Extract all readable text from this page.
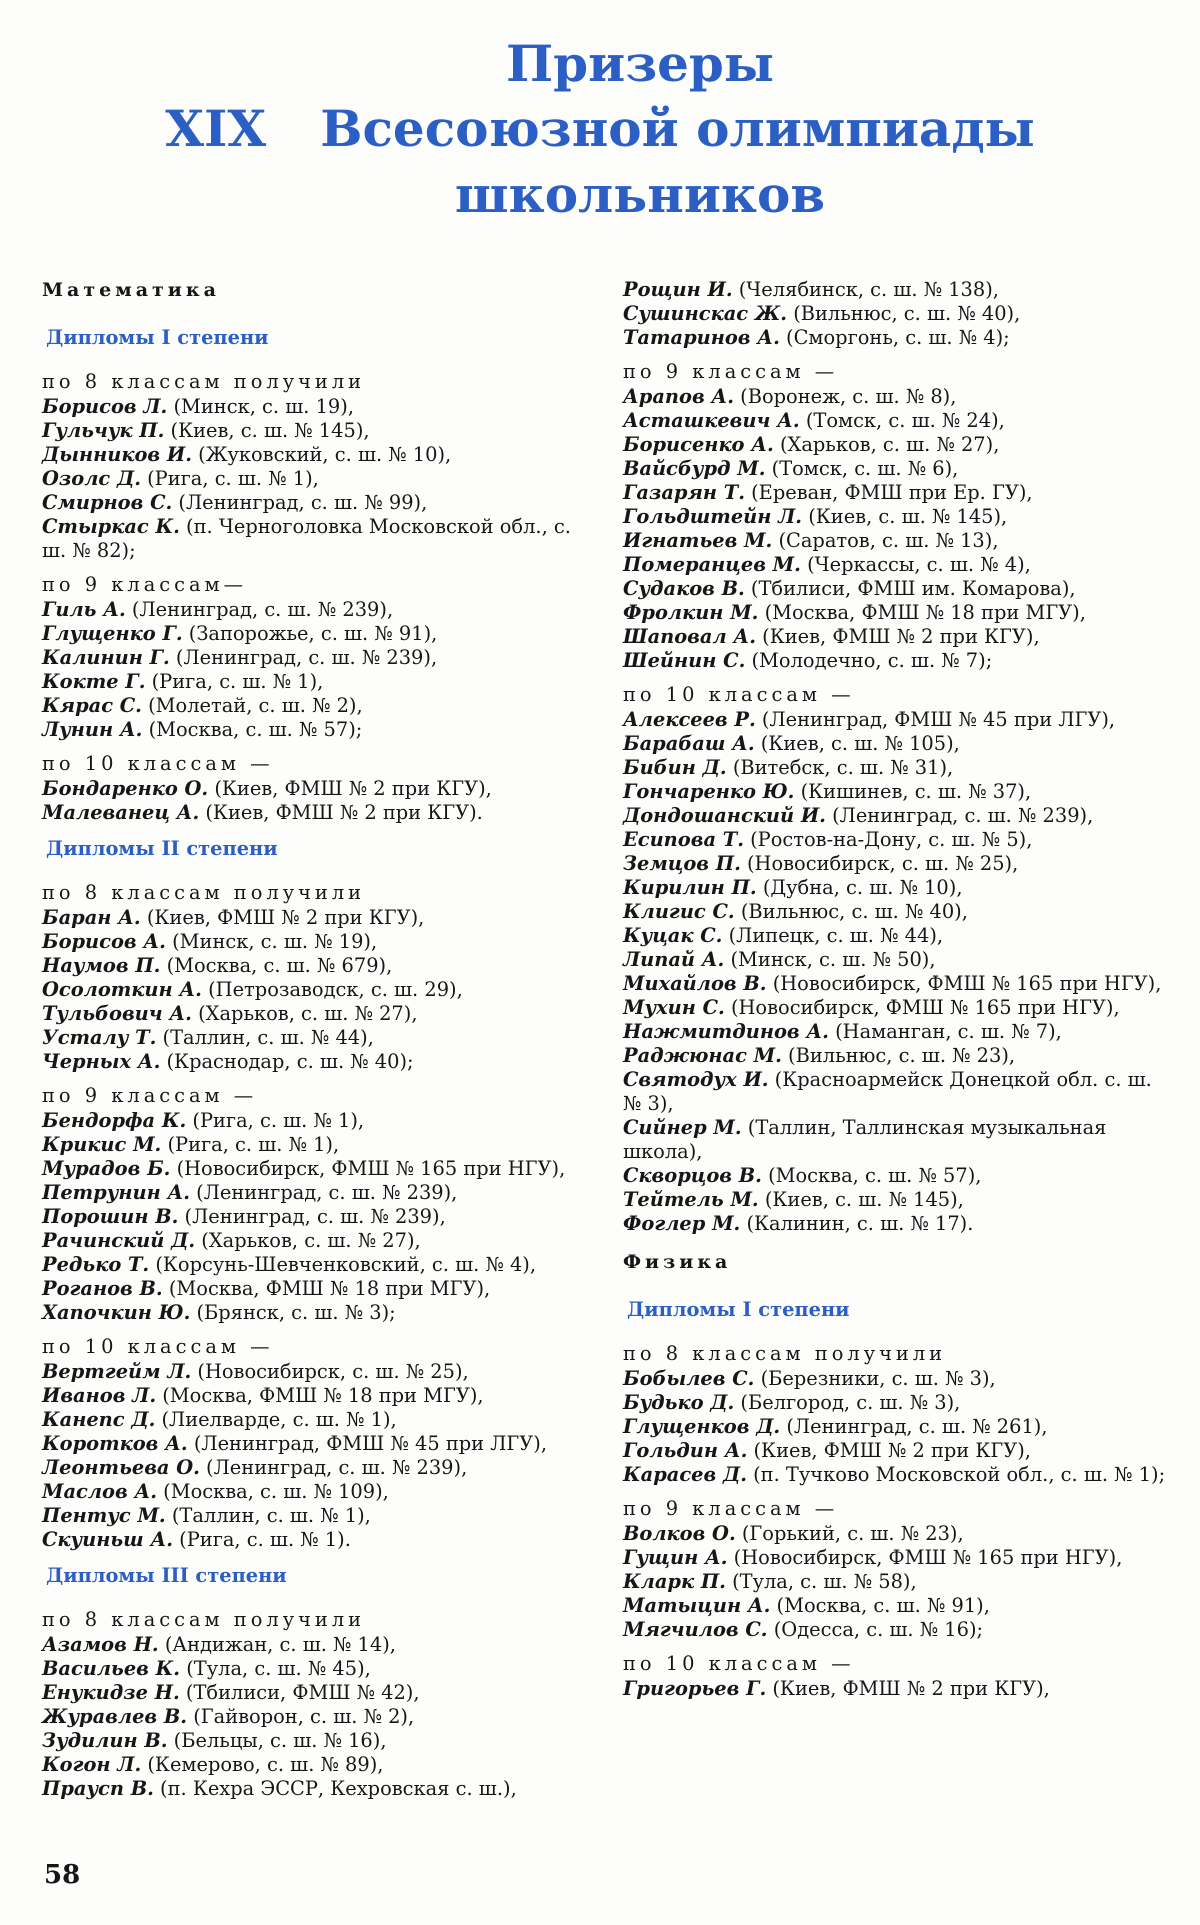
Призеры
XIX Всесоюзной олимпиады
школьников
Математика
Дипломы I степени
по 8 классам получили
Борисов Л. (Минск, с. ш. 19),
Гульчук П. (Киев, с. ш. № 145),
Дынников И. (Жуковский, с. ш. № 10),
Озолс Д. (Рига, с. ш. № 1),
Смирнов С. (Ленинград, с. ш. № 99),
Стыркас К. (п. Черноголовка Московской обл., с. ш. № 82);
по 9 классам—
Гиль А. (Ленинград, с. ш. № 239),
Глущенко Г. (Запорожье, с. ш. № 91),
Калинин Г. (Ленинград, с. ш. № 239),
Кокте Г. (Рига, с. ш. № 1),
Кярас С. (Молетай, с. ш. № 2),
Лунин А. (Москва, с. ш. № 57);
по 10 классам —
Бондаренко О. (Киев, ФМШ № 2 при КГУ),
Малеванец А. (Киев, ФМШ № 2 при КГУ).
Дипломы II степени
по 8 классам получили
Баран А. (Киев, ФМШ № 2 при КГУ),
Борисов А. (Минск, с. ш. № 19),
Наумов П. (Москва, с. ш. № 679),
Осолоткин А. (Петрозаводск, с. ш. 29),
Тульбович А. (Харьков, с. ш. № 27),
Усталу Т. (Таллин, с. ш. № 44),
Черных А. (Краснодар, с. ш. № 40);
по 9 классам —
Бендорфа К. (Рига, с. ш. № 1),
Крикис М. (Рига, с. ш. № 1),
Мурадов Б. (Новосибирск, ФМШ № 165 при НГУ),
Петрунин А. (Ленинград, с. ш. № 239),
Порошин В. (Ленинград, с. ш. № 239),
Рачинский Д. (Харьков, с. ш. № 27),
Редько Т. (Корсунь-Шевченковский, с. ш. № 4),
Роганов В. (Москва, ФМШ № 18 при МГУ),
Хапочкин Ю. (Брянск, с. ш. № 3);
по 10 классам —
Вертгейм Л. (Новосибирск, с. ш. № 25),
Иванов Л. (Москва, ФМШ № 18 при МГУ),
Канепс Д. (Лиелварде, с. ш. № 1),
Коротков А. (Ленинград, ФМШ № 45 при ЛГУ),
Леонтьева О. (Ленинград, с. ш. № 239),
Маслов А. (Москва, с. ш. № 109),
Пентус М. (Таллин, с. ш. № 1),
Скуиньш А. (Рига, с. ш. № 1).
Дипломы III степени
по 8 классам получили
Азамов Н. (Андижан, с. ш. № 14),
Васильев К. (Тула, с. ш. № 45),
Енукидзе Н. (Тбилиси, ФМШ № 42),
Журавлев В. (Гайворон, с. ш. № 2),
Зудилин В. (Бельцы, с. ш. № 16),
Когон Л. (Кемерово, с. ш. № 89),
Праусп В. (п. Кехра ЭССР, Кехровская с. ш.),
Рощин И. (Челябинск, с. ш. № 138),
Сушинскас Ж. (Вильнюс, с. ш. № 40),
Татаринов А. (Сморгонь, с. ш. № 4);
по 9 классам —
Арапов А. (Воронеж, с. ш. № 8),
Асташкевич А. (Томск, с. ш. № 24),
Борисенко А. (Харьков, с. ш. № 27),
Вайсбурд М. (Томск, с. ш. № 6),
Газарян Т. (Ереван, ФМШ при Ер. ГУ),
Гольдштейн Л. (Киев, с. ш. № 145),
Игнатьев М. (Саратов, с. ш. № 13),
Померанцев М. (Черкассы, с. ш. № 4),
Судаков В. (Тбилиси, ФМШ им. Комарова),
Фролкин М. (Москва, ФМШ № 18 при МГУ),
Шаповал А. (Киев, ФМШ № 2 при КГУ),
Шейнин С. (Молодечно, с. ш. № 7);
по 10 классам —
Алексеев Р. (Ленинград, ФМШ № 45 при ЛГУ),
Барабаш А. (Киев, с. ш. № 105),
Бибин Д. (Витебск, с. ш. № 31),
Гончаренко Ю. (Кишинев, с. ш. № 37),
Дондошанский И. (Ленинград, с. ш. № 239),
Есипова Т. (Ростов-на-Дону, с. ш. № 5),
Земцов П. (Новосибирск, с. ш. № 25),
Кирилин П. (Дубна, с. ш. № 10),
Клигис С. (Вильнюс, с. ш. № 40),
Куцак С. (Липецк, с. ш. № 44),
Липай А. (Минск, с. ш. № 50),
Михайлов В. (Новосибирск, ФМШ № 165 при НГУ),
Мухин С. (Новосибирск, ФМШ № 165 при НГУ),
Нажмитдинов А. (Наманган, с. ш. № 7),
Раджюнас М. (Вильнюс, с. ш. № 23),
Святодух И. (Красноармейск Донецкой обл. с. ш. № 3),
Сийнер М. (Таллин, Таллинская музыкальная школа),
Скворцов В. (Москва, с. ш. № 57),
Тейтель М. (Киев, с. ш. № 145),
Фоглер М. (Калинин, с. ш. № 17).
Физика
Дипломы I степени
по 8 классам получили
Бобылев С. (Березники, с. ш. № 3),
Будько Д. (Белгород, с. ш. № 3),
Глущенков Д. (Ленинград, с. ш. № 261),
Гольдин А. (Киев, ФМШ № 2 при КГУ),
Карасев Д. (п. Тучково Московской обл., с. ш. № 1);
по 9 классам —
Волков О. (Горький, с. ш. № 23),
Гущин А. (Новосибирск, ФМШ № 165 при НГУ),
Кларк П. (Тула, с. ш. № 58),
Матыцин А. (Москва, с. ш. № 91),
Мягчилов С. (Одесса, с. ш. № 16);
по 10 классам —
Григорьев Г. (Киев, ФМШ № 2 при КГУ),
58
